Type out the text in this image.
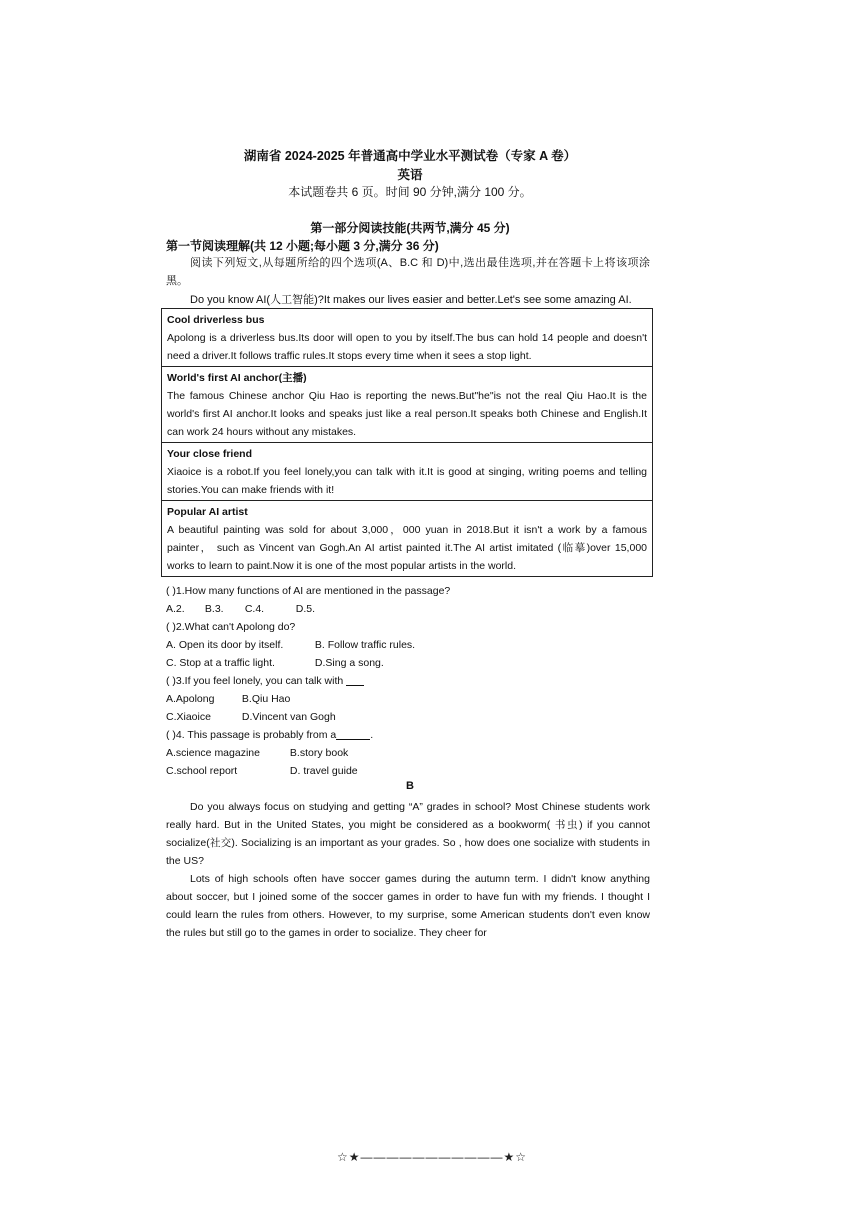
湖南省 2024-2025 年普通高中学业水平测试卷（专家 A 卷）
英语
本试题卷共 6 页。时间 90 分钟,满分 100 分。
第一部分阅读技能(共两节,满分 45 分)
第一节阅读理解(共 12 小题;每小题 3 分,满分 36 分)
阅读下列短文,从每题所给的四个选项(A、B.C 和 D)中,选出最佳选项,并在答题卡上将该项涂黑。
Do you know AI(人工智能)?It makes our lives easier and better.Let's see some amazing AI.
Cool driverless bus
Apolong is a driverless bus.Its door will open to you by itself.The bus can hold 14 people and doesn't need a driver.It follows traffic rules.It stops every time when it sees a stop light.

World's first AI anchor(主播)
The famous Chinese anchor Qiu Hao is reporting the news.But"he"is not the real Qiu Hao.It is the world's first AI anchor.It looks and speaks just like a real person.It speaks both Chinese and English.It can work 24 hours without any mistakes.

Your close friend
Xiaoice is a robot.If you feel lonely,you can talk with it.It is good at singing, writing poems and telling stories.You can make friends with it!

Popular AI artist
A beautiful painting was sold for about 3,000，000 yuan in 2018.But it isn't a work by a famous painter， such as Vincent van Gogh.An AI artist painted it.The AI artist imitated (临摹)over 15,000 works to learn to paint.Now it is one of the most popular artists in the world.
( )1.How many functions of AI are mentioned in the passage?
A.2. B.3. C.4.	D.5.
( )2.What can't Apolong do?
A. Open its door by itself.	B. Follow traffic rules.
C. Stop at a traffic light.	D.Sing a song.
( )3.If you feel lonely, you can talk with
A.Apolong	B.Qiu Hao
C.Xiaoice	D.Vincent van Gogh
( )4. This passage is probably from a	.
A.science magazine	B.story book
C.school report	D. travel guide
B
Do you always focus on studying and getting “A” grades in school? Most Chinese students work really hard. But in the United States, you might be considered as a bookworm( 书虫) if you cannot socialize(社交). Socializing is an important as your grades. So , how does one socialize with students in the US?
Lots of high schools often have soccer games during the autumn term. I didn't know anything about soccer, but I joined some of the soccer games in order to have fun with my friends. I thought I could learn the rules from others. However, to my surprise, some American students don't even know the rules but still go to the games in order to socialize. They cheer for
☆★———————————★☆
